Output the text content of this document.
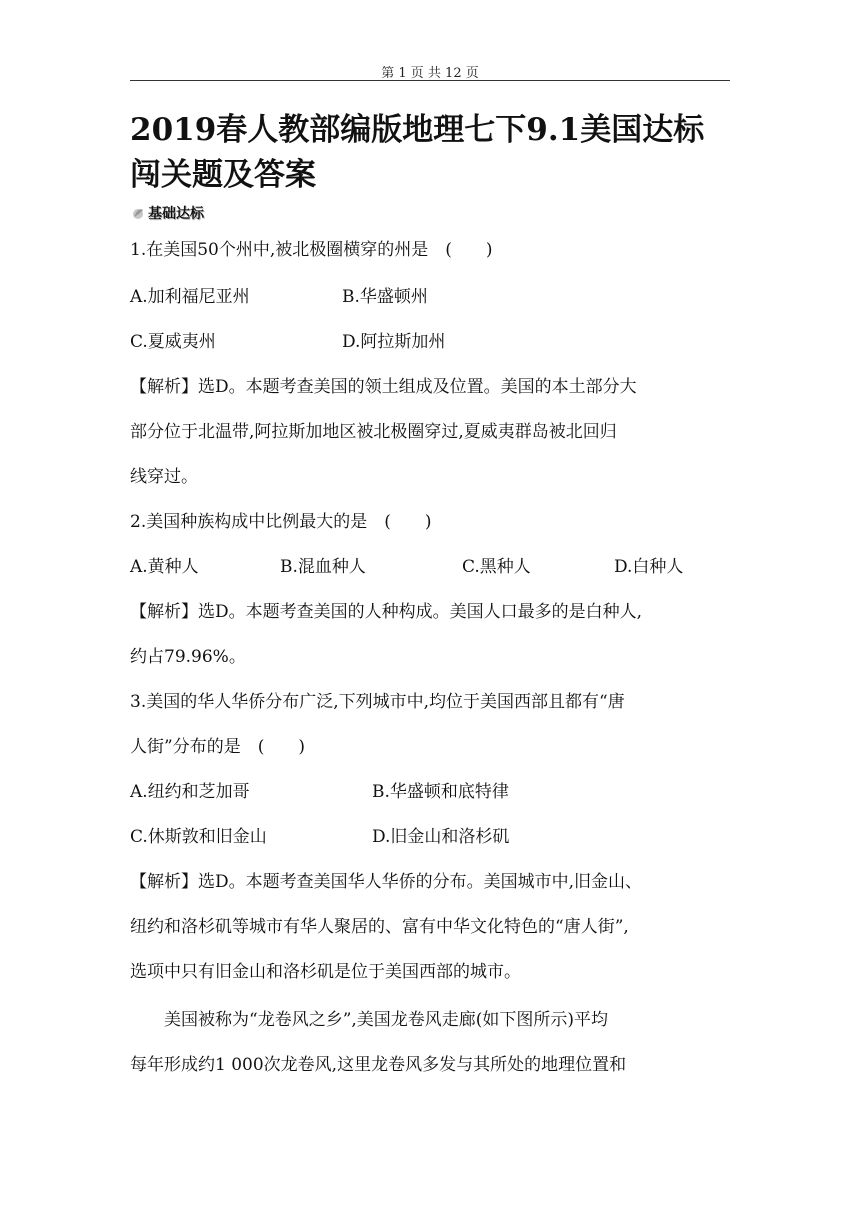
第 1 页 共 12 页
2019春人教部编版地理七下9.1美国达标
闯关题及答案
基础达标
1.在美国50个州中,被北极圈横穿的州是　(　　)
A.加利福尼亚州	B.华盛顿州
C.夏威夷州	D.阿拉斯加州
【解析】选D。本题考查美国的领土组成及位置。美国的本土部分大
部分位于北温带,阿拉斯加地区被北极圈穿过,夏威夷群岛被北回归
线穿过。
2.美国种族构成中比例最大的是　(　　)
A.黄种人	B.混血种人	C.黑种人	D.白种人
【解析】选D。本题考查美国的人种构成。美国人口最多的是白种人,
约占79.96%。
3.美国的华人华侨分布广泛,下列城市中,均位于美国西部且都有“唐
人街”分布的是　(　　)
A.纽约和芝加哥	B.华盛顿和底特律
C.休斯敦和旧金山	D.旧金山和洛杉矶
【解析】选D。本题考查美国华人华侨的分布。美国城市中,旧金山、
纽约和洛杉矶等城市有华人聚居的、富有中华文化特色的“唐人街”,
选项中只有旧金山和洛杉矶是位于美国西部的城市。
　　美国被称为“龙卷风之乡”,美国龙卷风走廊(如下图所示)平均
每年形成约1 000次龙卷风,这里龙卷风多发与其所处的地理位置和
